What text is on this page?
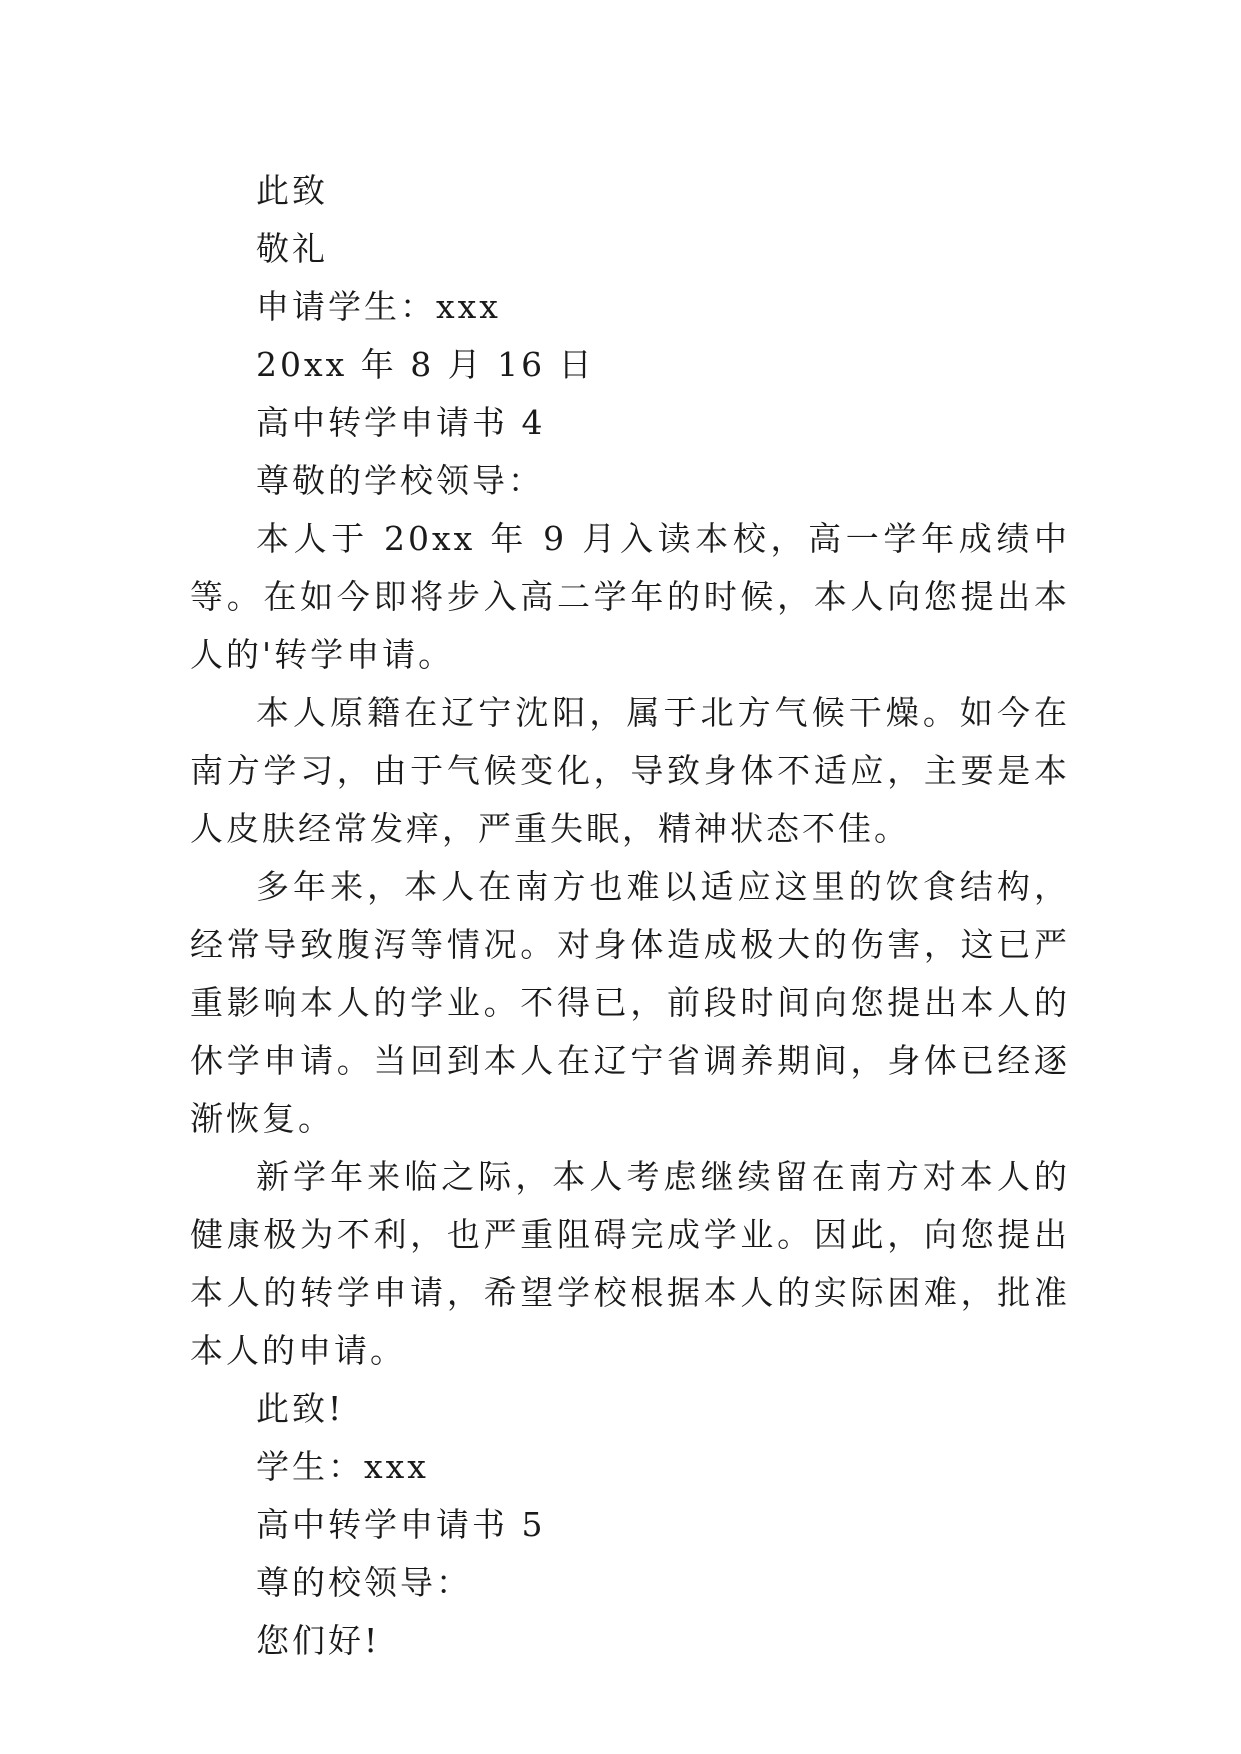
此致

敬礼

申请学生：xxx

20xx 年 8 月 16 日

高中转学申请书 4

尊敬的学校领导：

本人于 20xx 年 9 月入读本校，高一学年成绩中等。在如今即将步入高二学年的时候，本人向您提出本人的'转学申请。

本人原籍在辽宁沈阳，属于北方气候干燥。如今在南方学习，由于气候变化，导致身体不适应，主要是本人皮肤经常发痒，严重失眠，精神状态不佳。

多年来，本人在南方也难以适应这里的饮食结构，经常导致腹泻等情况。对身体造成极大的伤害，这已严重影响本人的学业。不得已，前段时间向您提出本人的休学申请。当回到本人在辽宁省调养期间，身体已经逐渐恢复。

新学年来临之际，本人考虑继续留在南方对本人的健康极为不利，也严重阻碍完成学业。因此，向您提出本人的转学申请，希望学校根据本人的实际困难，批准本人的申请。

此致!

学生：xxx

高中转学申请书 5

尊的校领导：

您们好!
